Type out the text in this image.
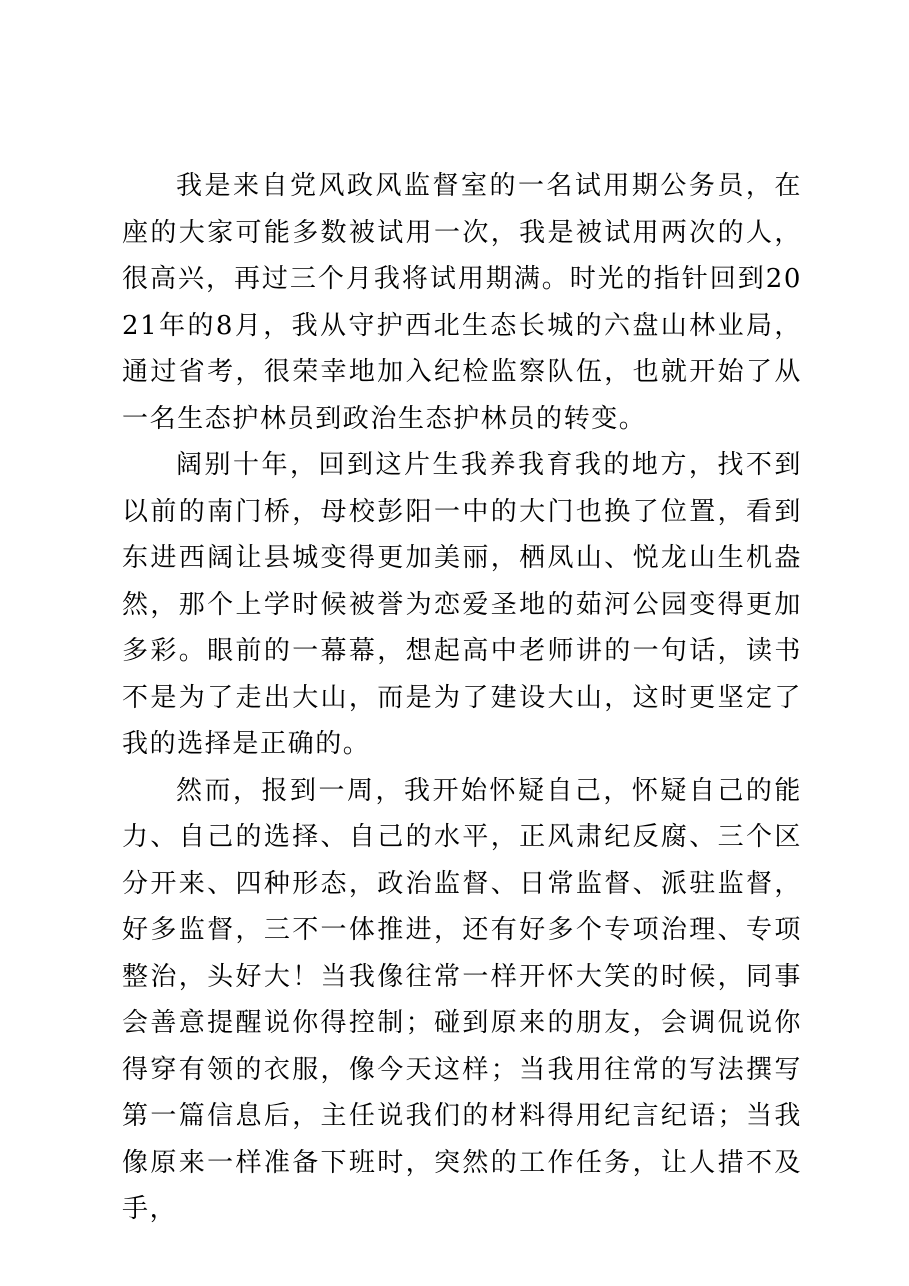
我是来自党风政风监督室的一名试用期公务员，在座的大家可能多数被试用一次，我是被试用两次的人，很高兴，再过三个月我将试用期满。时光的指针回到2021年的8月，我从守护西北生态长城的六盘山林业局，通过省考，很荣幸地加入纪检监察队伍，也就开始了从一名生态护林员到政治生态护林员的转变。

阔别十年，回到这片生我养我育我的地方，找不到以前的南门桥，母校彭阳一中的大门也换了位置，看到东进西阔让县城变得更加美丽，栖凤山、悦龙山生机盎然，那个上学时候被誉为恋爱圣地的茹河公园变得更加多彩。眼前的一幕幕，想起高中老师讲的一句话，读书不是为了走出大山，而是为了建设大山，这时更坚定了我的选择是正确的。

然而，报到一周，我开始怀疑自己，怀疑自己的能力、自己的选择、自己的水平，正风肃纪反腐、三个区分开来、四种形态，政治监督、日常监督、派驻监督，好多监督，三不一体推进，还有好多个专项治理、专项整治，头好大！当我像往常一样开怀大笑的时候，同事会善意提醒说你得控制；碰到原来的朋友，会调侃说你得穿有领的衣服，像今天这样；当我用往常的写法撰写第一篇信息后，主任说我们的材料得用纪言纪语；当我像原来一样准备下班时，突然的工作任务，让人措不及手，
